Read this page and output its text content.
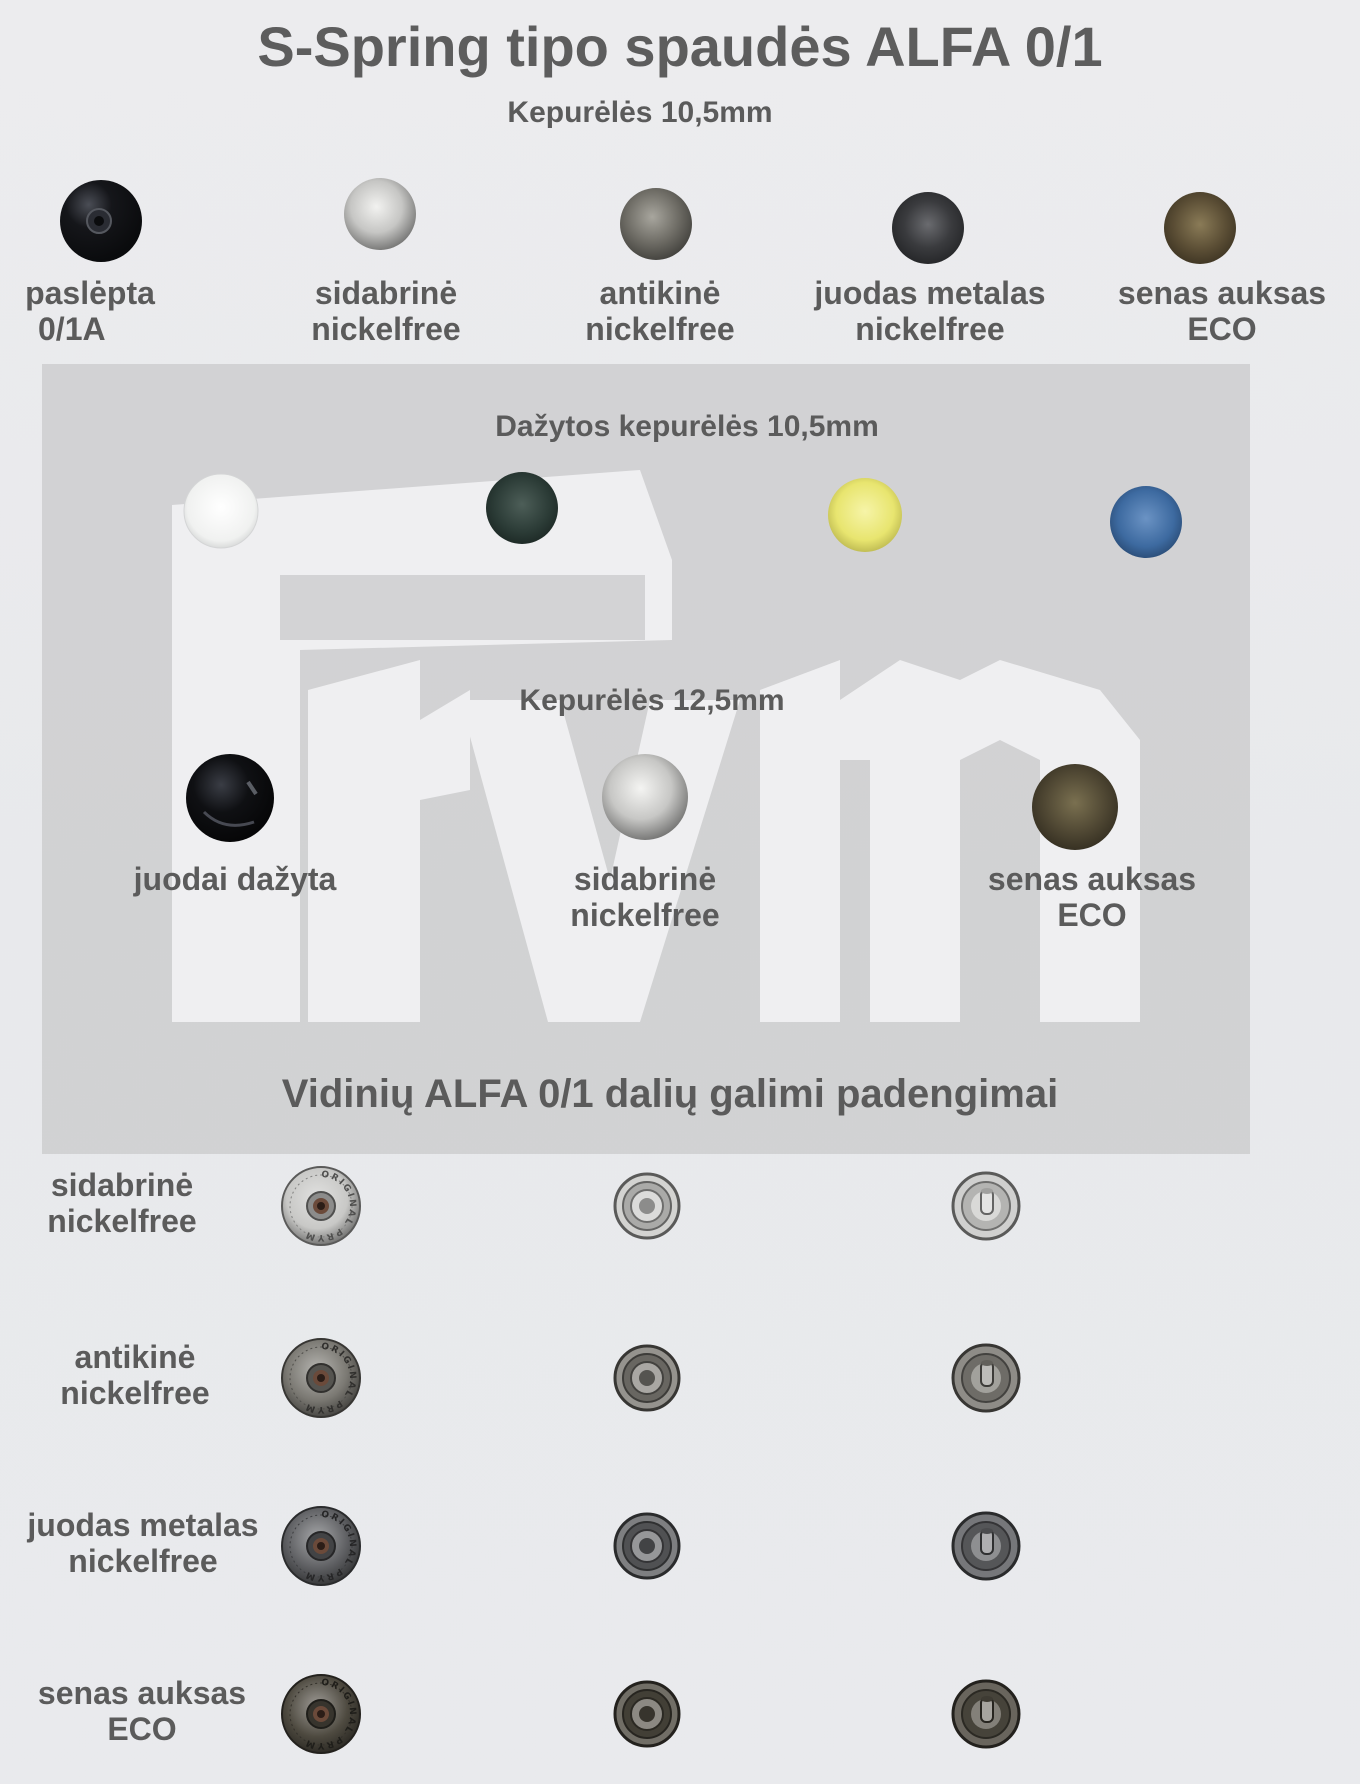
S-Spring tipo spaudės ALFA 0/1
Kepurėlės 10,5mm
paslėpta
0/1A
sidabrinė
nickelfree
antikinė
nickelfree
juodas metalas
nickelfree
senas auksas
ECO
Dažytos kepurėlės 10,5mm
Kepurėlės 12,5mm
juodai dažyta	sidabrinė
nickelfree
senas auksas
ECO
Vidinių ALFA 0/1 dalių galimi padengimai
sidabrinė
nickelfree
ORIGINAL PRYM
antikinė
nickelfree
ORIGINAL PRYM
juodas metalas
nickelfree
ORIGINAL PRYM
senas auksas
ECO
ORIGINAL PRYM
